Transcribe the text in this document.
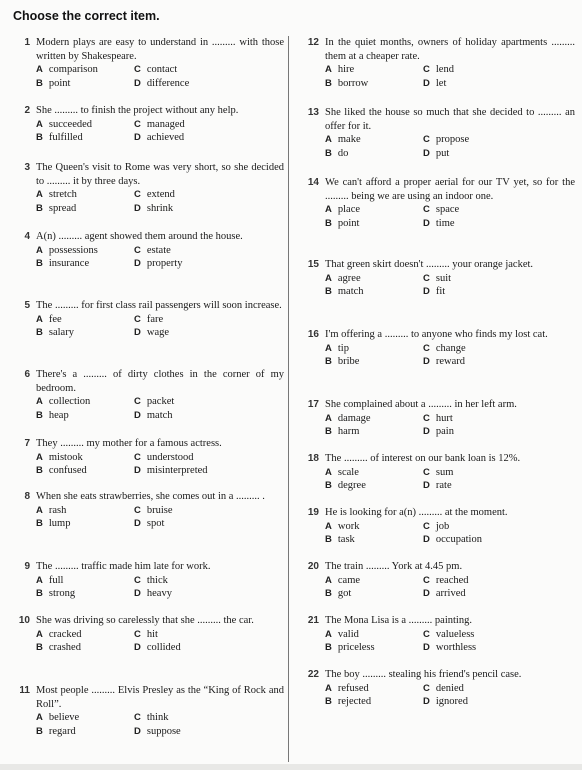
Choose the correct item.
1 Modern plays are easy to understand in ......... with those written by Shakespeare.
A comparison	C contact
B point	D difference
2 She ......... to finish the project without any help.
A succeeded	C managed
B fulfilled	D achieved
3 The Queen's visit to Rome was very short, so she decided to ......... it by three days.
A stretch	C extend
B spread	D shrink
4 A(n) ......... agent showed them around the house.
A possessions	C estate
B insurance	D property
5 The ......... for first class rail passengers will soon increase.
A fee	C fare
B salary	D wage
6 There's a ......... of dirty clothes in the corner of my bedroom.
A collection	C packet
B heap	D match
7 They ......... my mother for a famous actress.
A mistook	C understood
B confused	D misinterpreted
8 When she eats strawberries, she comes out in a ......... .
A rash	C bruise
B lump	D spot
9 The ......... traffic made him late for work.
A full	C thick
B strong	D heavy
10 She was driving so carelessly that she ......... the car.
A cracked	C hit
B crashed	D collided
11 Most people ......... Elvis Presley as the “King of Rock and Roll”.
A believe	C think
B regard	D suppose
12 In the quiet months, owners of holiday apartments ......... them at a cheaper rate.
A hire	C lend
B borrow	D let
13 She liked the house so much that she decided to ......... an offer for it.
A make	C propose
B do	D put
14 We can't afford a proper aerial for our TV yet, so for the ......... being we are using an indoor one.
A place	C space
B point	D time
15 That green skirt doesn't ......... your orange jacket.
A agree	C suit
B match	D fit
16 I'm offering a ......... to anyone who finds my lost cat.
A tip	C change
B bribe	D reward
17 She complained about a ......... in her left arm.
A damage	C hurt
B harm	D pain
18 The ......... of interest on our bank loan is 12%.
A scale	C sum
B degree	D rate
19 He is looking for a(n) ......... at the moment.
A work	C job
B task	D occupation
20 The train ......... York at 4.45 pm.
A came	C reached
B got	D arrived
21 The Mona Lisa is a ......... painting.
A valid	C valueless
B priceless	D worthless
22 The boy ......... stealing his friend's pencil case.
A refused	C denied
B rejected	D ignored
